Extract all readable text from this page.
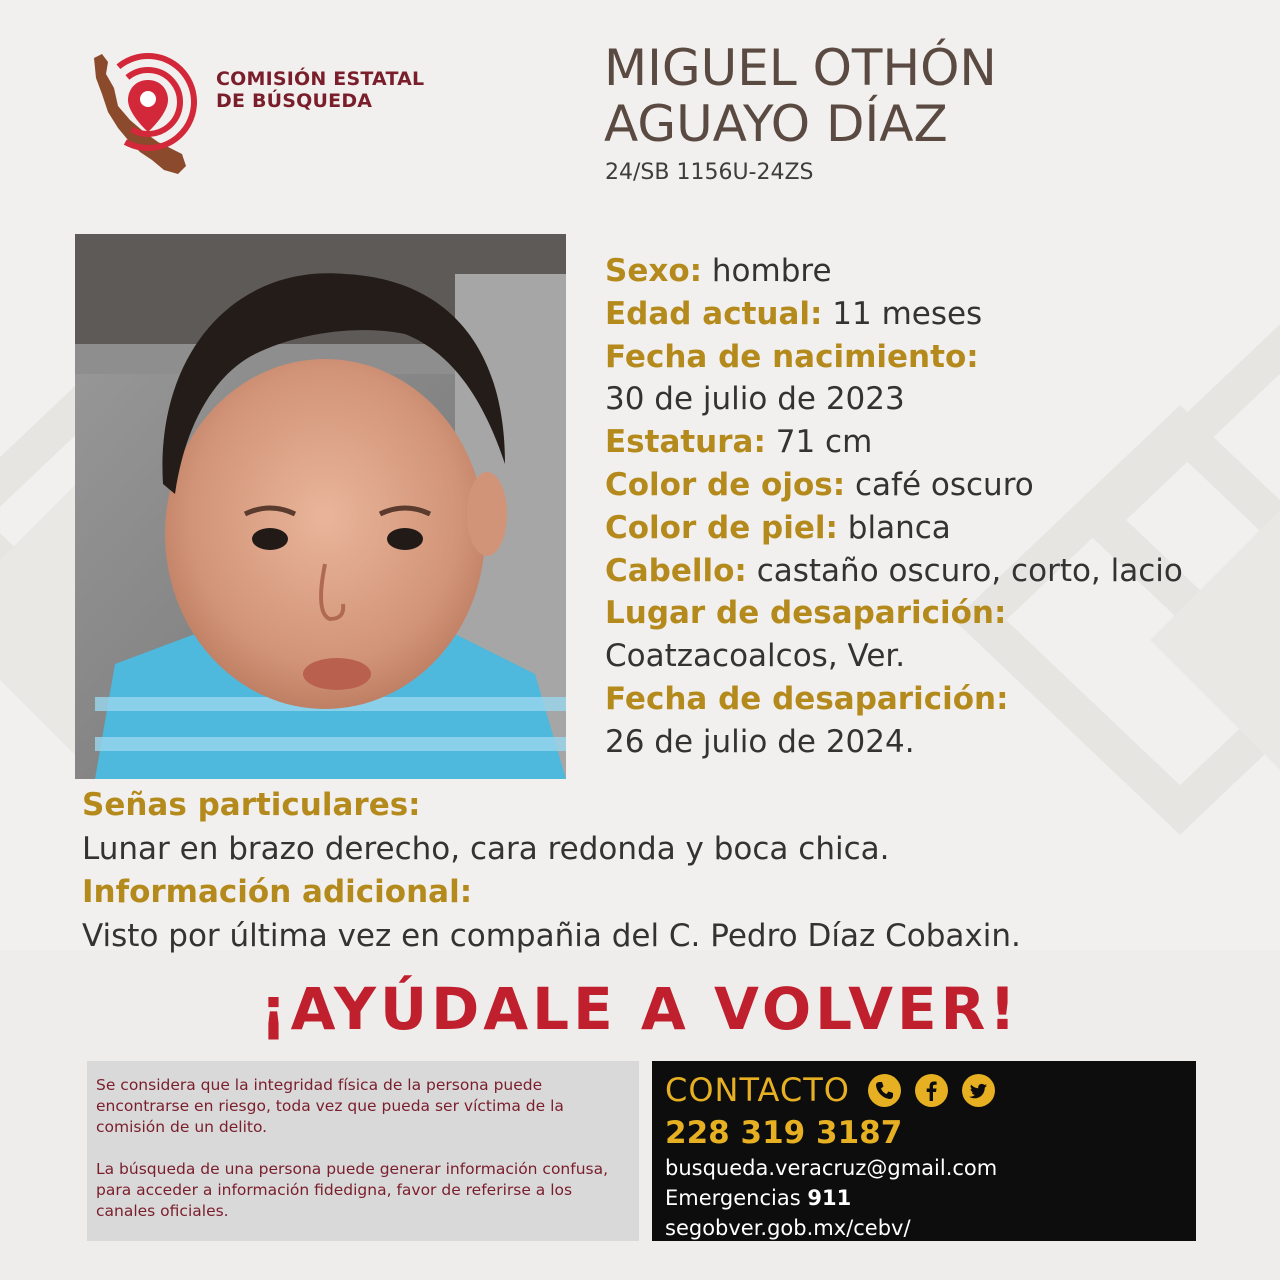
COMISIÓN ESTATAL
DE BÚSQUEDA
MIGUEL OTHÓN
AGUAYO DÍAZ
24/SB 1156U-24ZS
Sexo: hombre
Edad actual: 11 meses
Fecha de nacimiento:
30 de julio de 2023
Estatura: 71 cm
Color de ojos: café oscuro
Color de piel: blanca
Cabello: castaño oscuro, corto, lacio
Lugar de desaparición:
Coatzacoalcos, Ver.
Fecha de desaparición:
26 de julio de 2024.
Señas particulares:
Lunar en brazo derecho, cara redonda y boca chica.
Información adicional:
Visto por última vez en compañia del C. Pedro Díaz Cobaxin.
¡AYÚDALE A VOLVER!

Se considera que la integridad física de la persona puede encontrarse en riesgo, toda vez que pueda ser víctima de la comisión de un delito.

La búsqueda de una persona puede generar información confusa, para acceder a información fidedigna, favor de referirse a los canales oficiales.

CONTACTO
228 319 3187
busqueda.veracruz@gmail.com
Emergencias 911
segobver.gob.mx/cebv/
